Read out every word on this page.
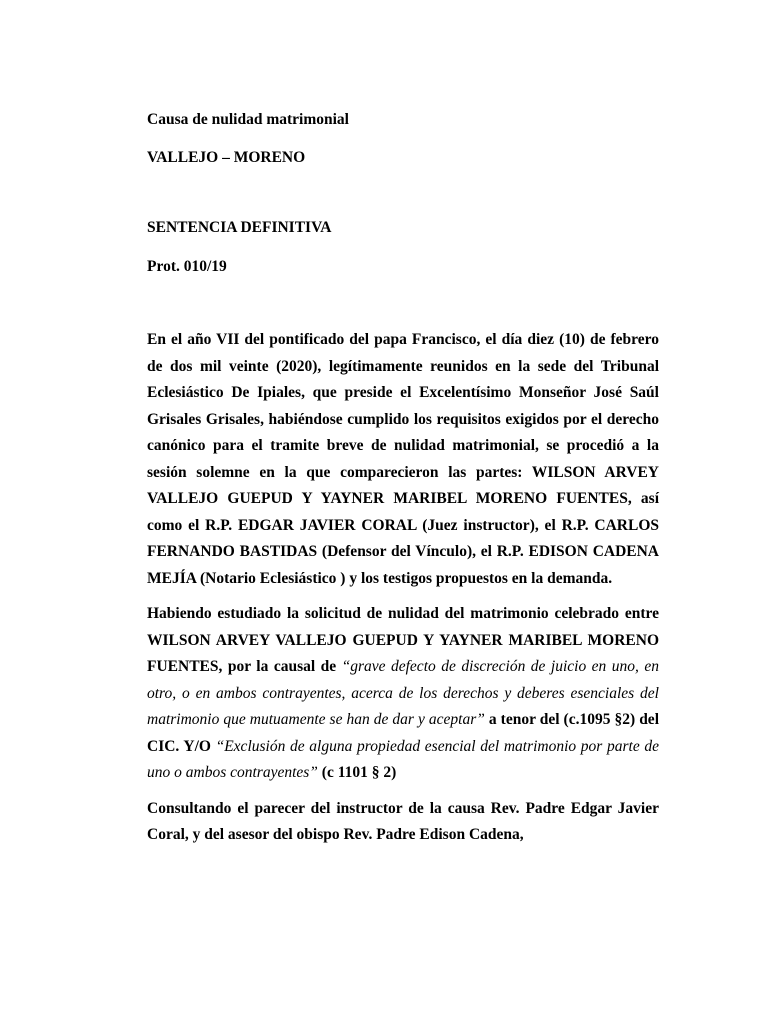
Causa de nulidad matrimonial

VALLEJO – MORENO

SENTENCIA DEFINITIVA

Prot. 010/19

En el año VII del pontificado del papa Francisco, el día diez (10) de febrero de dos mil veinte (2020), legítimamente reunidos en la sede del Tribunal Eclesiástico De Ipiales, que preside el Excelentísimo Monseñor José Saúl Grisales Grisales, habiéndose cumplido los requisitos exigidos por el derecho canónico para el tramite breve de nulidad matrimonial, se procedió a la sesión solemne en la que comparecieron las partes: WILSON ARVEY VALLEJO GUEPUD Y YAYNER MARIBEL MORENO FUENTES, así como el R.P. EDGAR JAVIER CORAL (Juez instructor), el R.P. CARLOS FERNANDO BASTIDAS (Defensor del Vínculo), el R.P. EDISON CADENA MEJÍA (Notario Eclesiástico ) y los testigos propuestos en la demanda.

Habiendo estudiado la solicitud de nulidad del matrimonio celebrado entre WILSON ARVEY VALLEJO GUEPUD Y YAYNER MARIBEL MORENO FUENTES, por la causal de “grave defecto de discreción de juicio en uno, en otro, o en ambos contrayentes, acerca de los derechos y deberes esenciales del matrimonio que mutuamente se han de dar y aceptar” a tenor del (c.1095 §2) del CIC. Y/O “Exclusión de alguna propiedad esencial del matrimonio por parte de uno o ambos contrayentes” (c 1101 § 2)

Consultando el parecer del instructor de la causa Rev. Padre Edgar Javier Coral, y del asesor del obispo Rev. Padre Edison Cadena,
